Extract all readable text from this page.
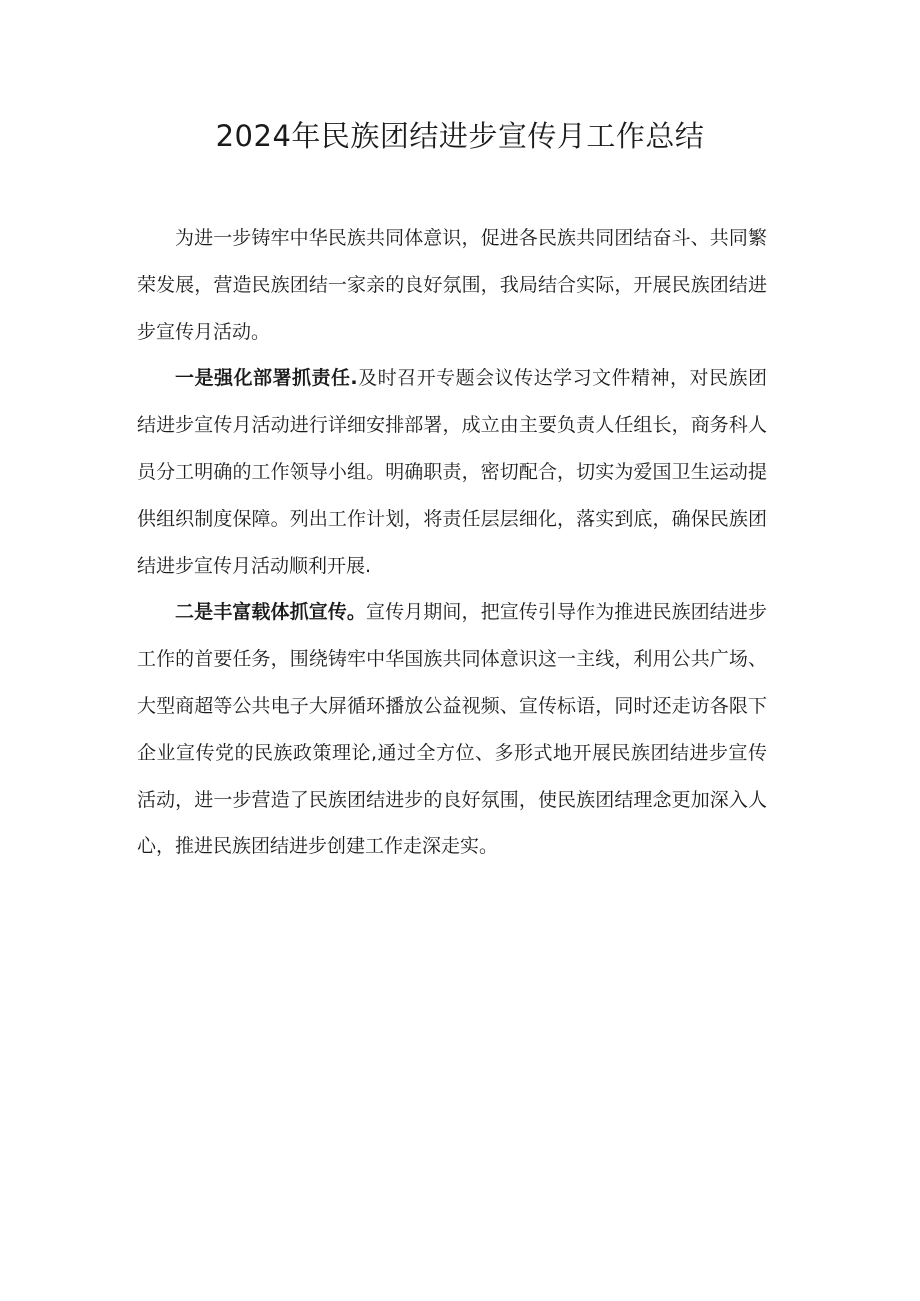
2024年民族团结进步宣传月工作总结

为进一步铸牢中华民族共同体意识，促进各民族共同团结奋斗、共同繁荣发展，营造民族团结一家亲的良好氛围，我局结合实际，开展民族团结进步宣传月活动。

一是强化部署抓责任.及时召开专题会议传达学习文件精神，对民族团结进步宣传月活动进行详细安排部署，成立由主要负责人任组长，商务科人员分工明确的工作领导小组。明确职责，密切配合，切实为爱国卫生运动提供组织制度保障。列出工作计划，将责任层层细化，落实到底，确保民族团结进步宣传月活动顺利开展.

二是丰富载体抓宣传。宣传月期间，把宣传引导作为推进民族团结进步工作的首要任务，围绕铸牢中华国族共同体意识这一主线，利用公共广场、大型商超等公共电子大屏循环播放公益视频、宣传标语，同时还走访各限下企业宣传党的民族政策理论,通过全方位、多形式地开展民族团结进步宣传活动，进一步营造了民族团结进步的良好氛围，使民族团结理念更加深入人心，推进民族团结进步创建工作走深走实。
